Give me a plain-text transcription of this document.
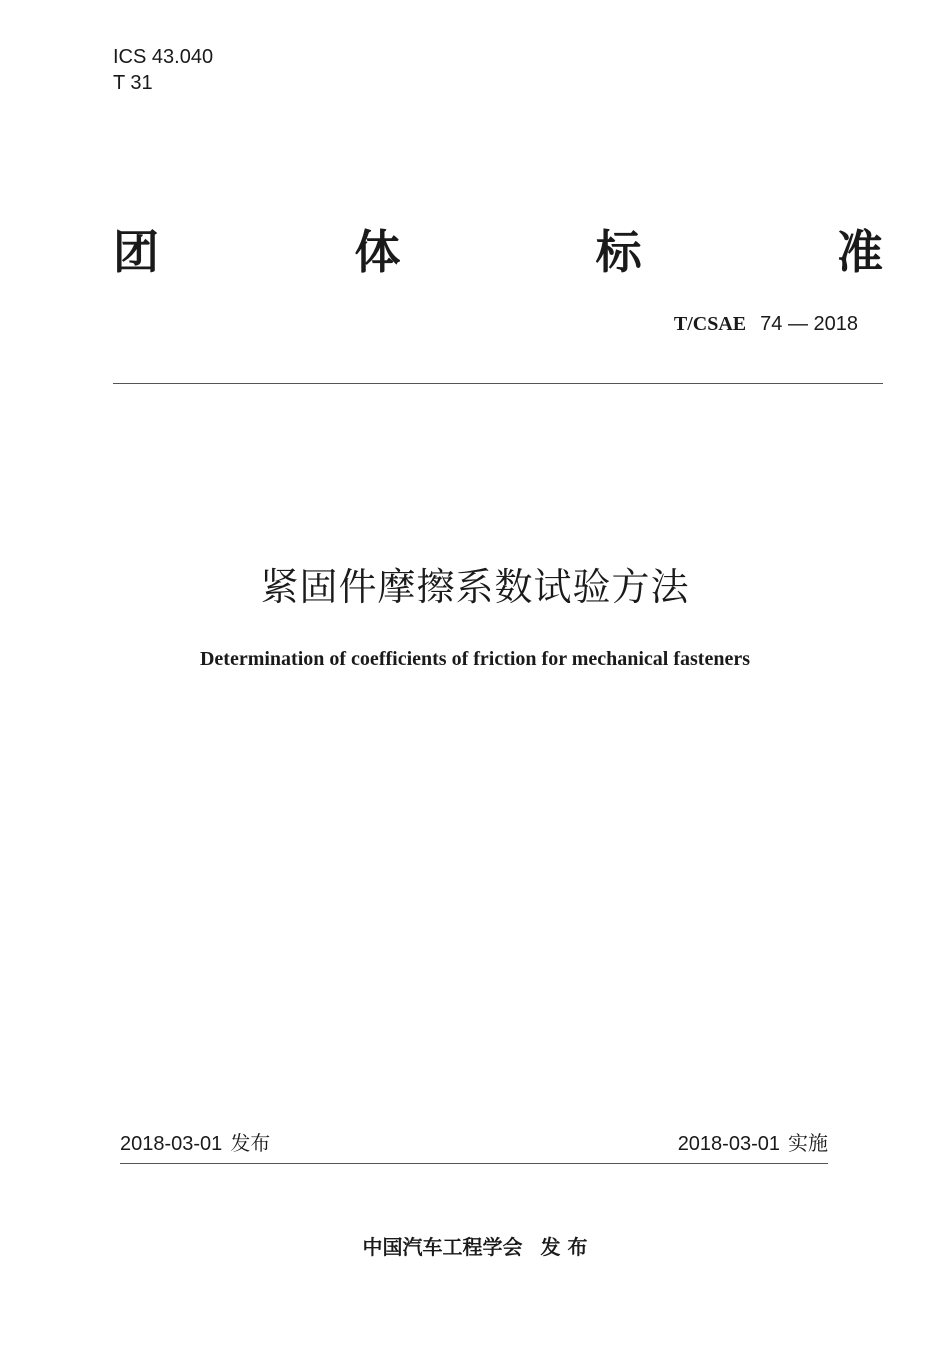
ICS 43.040
T 31
团	体	标	准
T/CSAE 74 — 2018
紧固件摩擦系数试验方法
Determination of coefficients of friction for mechanical fasteners
2018-03-01 发布	2018-03-01 实施
中国汽车工程学会 发 布
